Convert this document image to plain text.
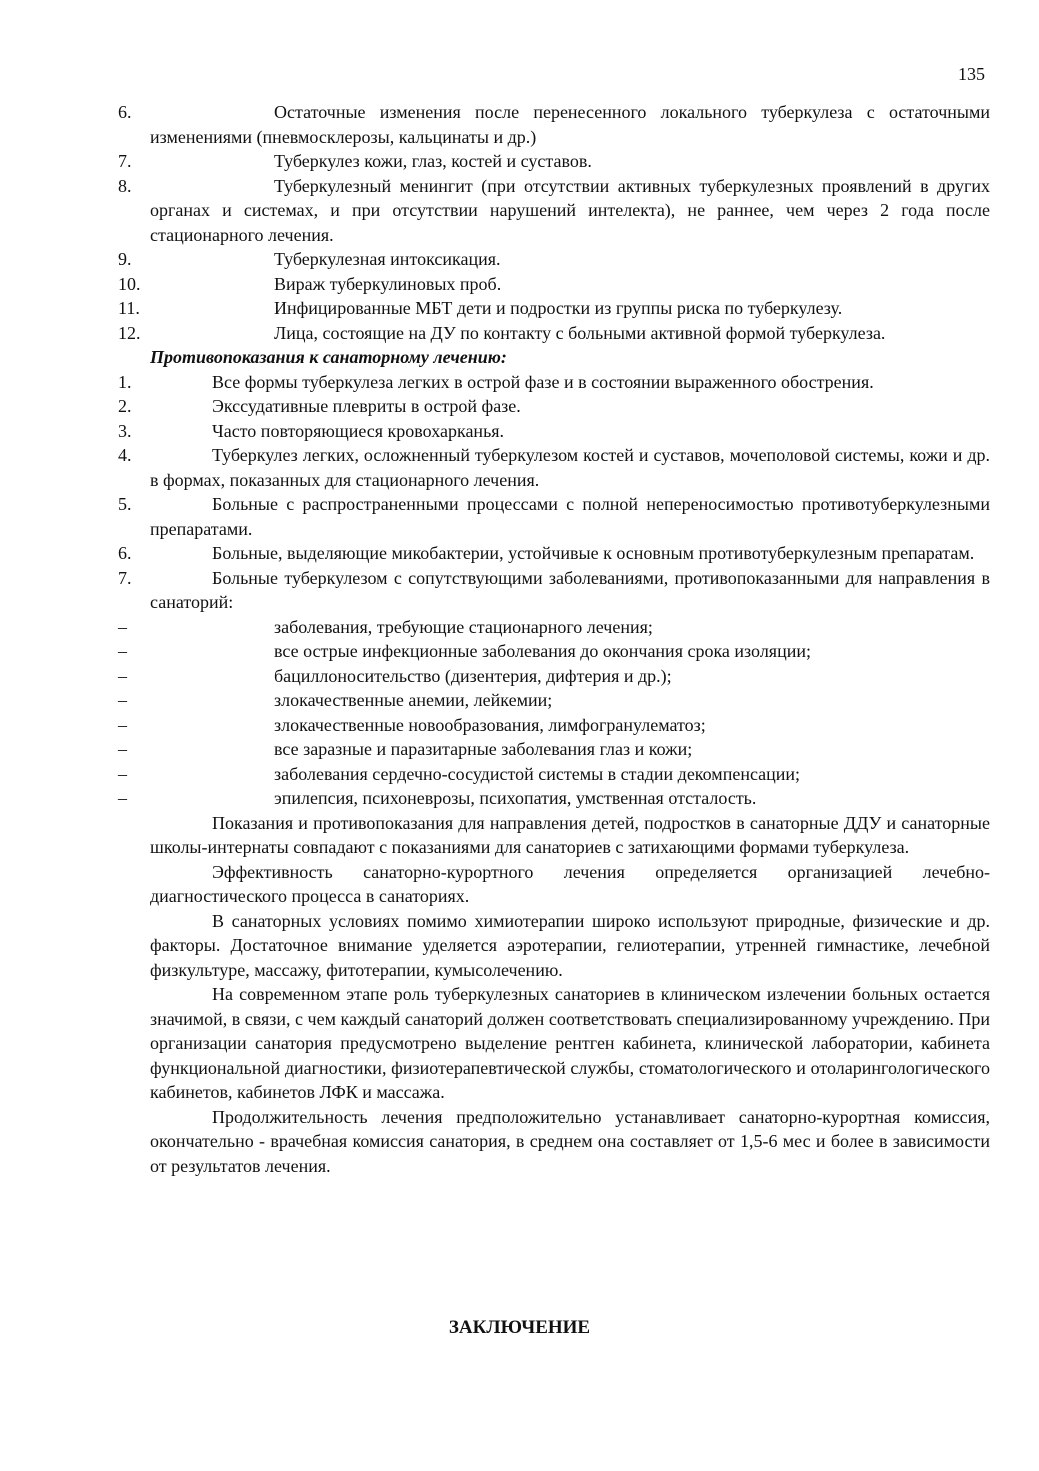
135
6.	Остаточные изменения после перенесенного локального туберкулеза с остаточными изменениями (пневмосклерозы, кальцинаты и др.)
7.	Туберкулез кожи, глаз, костей и суставов.
8.	Туберкулезный менингит (при отсутствии активных туберкулезных проявлений в других органах и системах, и при отсутствии нарушений интелекта), не раннее, чем через 2 года после стационарного лечения.
9.	Туберкулезная интоксикация.
10.	Вираж туберкулиновых проб.
11.	Инфицированные МБТ дети и подростки из группы риска по туберкулезу.
12.	Лица, состоящие на ДУ по контакту с больными активной формой туберкулеза.
Противопоказания к санаторному лечению:
1.	Все формы туберкулеза легких в острой фазе и в состоянии выраженного обострения.
2.	Экссудативные плевриты в острой фазе.
3.	Часто повторяющиеся кровохарканья.
4.	Туберкулез легких, осложненный туберкулезом костей и суставов, мочеполовой системы, кожи и др. в формах, показанных для стационарного лечения.
5.	Больные с распространенными процессами с полной непереносимостью противотуберкулезными препаратами.
6.	Больные, выделяющие микобактерии, устойчивые к основным противотуберкулезным препаратам.
7.	Больные туберкулезом с сопутствующими заболеваниями, противопоказанными для направления в санаторий:
–	заболевания, требующие стационарного лечения;
–	все острые инфекционные заболевания до окончания срока изоляции;
–	бациллоносительство (дизентерия, дифтерия и др.);
–	злокачественные анемии, лейкемии;
–	злокачественные новообразования, лимфогранулематоз;
–	все заразные и паразитарные заболевания глаз и кожи;
–	заболевания сердечно-сосудистой системы в стадии декомпенсации;
–	эпилепсия, психоневрозы, психопатия, умственная отсталость.
Показания и противопоказания для направления детей, подростков в санаторные ДДУ и санаторные школы-интернаты совпадают с показаниями для санаториев с затихающими формами туберкулеза.
Эффективность санаторно-курортного лечения определяется организацией лечебно-диагностического процесса в санаториях.
В санаторных условиях помимо химиотерапии широко используют природные, физические и др. факторы. Достаточное внимание уделяется аэротерапии, гелиотерапии, утренней гимнастике, лечебной физкультуре, массажу, фитотерапии, кумысолечению.
На современном этапе роль туберкулезных санаториев в клиническом излечении больных остается значимой, в связи, с чем каждый санаторий должен соответствовать специализированному учреждению. При организации санатория предусмотрено выделение рентген кабинета, клинической лаборатории, кабинета функциональной диагностики, физиотерапевтической службы, стоматологического и отоларингологического кабинетов, кабинетов ЛФК и массажа.
Продолжительность лечения предположительно устанавливает санаторно-курортная комиссия, окончательно - врачебная комиссия санатория, в среднем она составляет от 1,5-6 мес и более в зависимости от результатов лечения.
ЗАКЛЮЧЕНИЕ
